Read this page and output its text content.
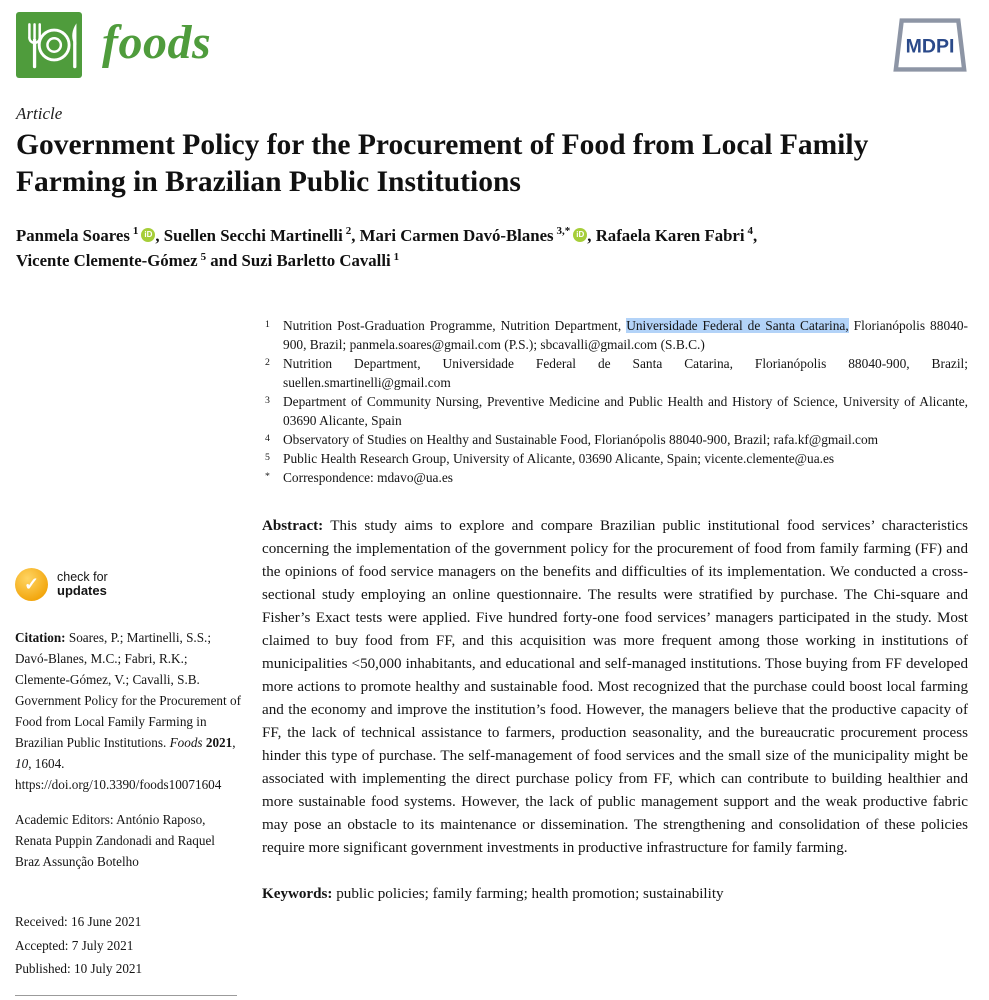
foods	MDPI
Article
Government Policy for the Procurement of Food from Local Family Farming in Brazilian Public Institutions
Panmela Soares $^1$ iD , Suellen Secchi Martinelli $^2$, Mari Carmen Davó-Blanes $^{3,*}$ iD , Rafaela Karen Fabri $^4$,
Vicente Clemente-Gómez $^5$ and Suzi Barletto Cavalli $^1$
1 Nutrition Post-Graduation Programme, Nutrition Department, Universidade Federal de Santa Catarina, Florianópolis 88040-900, Brazil; panmela.soares@gmail.com (P.S.); sbcavalli@gmail.com (S.B.C.)
2 Nutrition Department, Universidade Federal de Santa Catarina, Florianópolis 88040-900, Brazil; suellen.smartinelli@gmail.com
3 Department of Community Nursing, Preventive Medicine and Public Health and History of Science, University of Alicante, 03690 Alicante, Spain
4 Observatory of Studies on Healthy and Sustainable Food, Florianópolis 88040-900, Brazil; rafa.kf@gmail.com
5 Public Health Research Group, University of Alicante, 03690 Alicante, Spain; vicente.clemente@ua.es
* Correspondence: mdavo@ua.es

Abstract: This study aims to explore and compare Brazilian public institutional food services’ characteristics concerning the implementation of the government policy for the procurement of food from family farming (FF) and the opinions of food service managers on the benefits and difficulties of its implementation. We conducted a cross-sectional study employing an online questionnaire. The results were stratified by purchase. The Chi-square and Fisher’s Exact tests were applied. Five hundred forty-one food services’ managers participated in the study. Most claimed to buy food from FF, and this acquisition was more frequent among those working in institutions of municipalities <50,000 inhabitants, and educational and self-managed institutions. Those buying from FF developed more actions to promote healthy and sustainable food. Most recognized that the purchase could boost local farming and the economy and improve the institution’s food. However, the managers believe that the productive capacity of FF, the lack of technical assistance to farmers, production seasonality, and the bureaucratic procurement process hinder this type of purchase. The self-management of food services and the small size of the municipality might be associated with implementing the direct purchase policy from FF, which can contribute to building healthier and more sustainable food systems. However, the lack of public management support and the weak productive fabric may pose an obstacle to its maintenance or dissemination. The strengthening and consolidation of these policies require more significant government investments in productive infrastructure for family farming.

Keywords: public policies; family farming; health promotion; sustainability

✓	check for
updates

Citation: Soares, P.; Martinelli, S.S.; Davó-Blanes, M.C.; Fabri, R.K.; Clemente-Gómez, V.; Cavalli, S.B. Government Policy for the Procurement of Food from Local Family Farming in Brazilian Public Institutions. Foods 2021, 10, 1604. https://doi.org/10.3390/foods10071604

Academic Editors: António Raposo, Renata Puppin Zandonadi and Raquel Braz Assunção Botelho

Received: 16 June 2021

Accepted: 7 July 2021

Published: 10 July 2021
